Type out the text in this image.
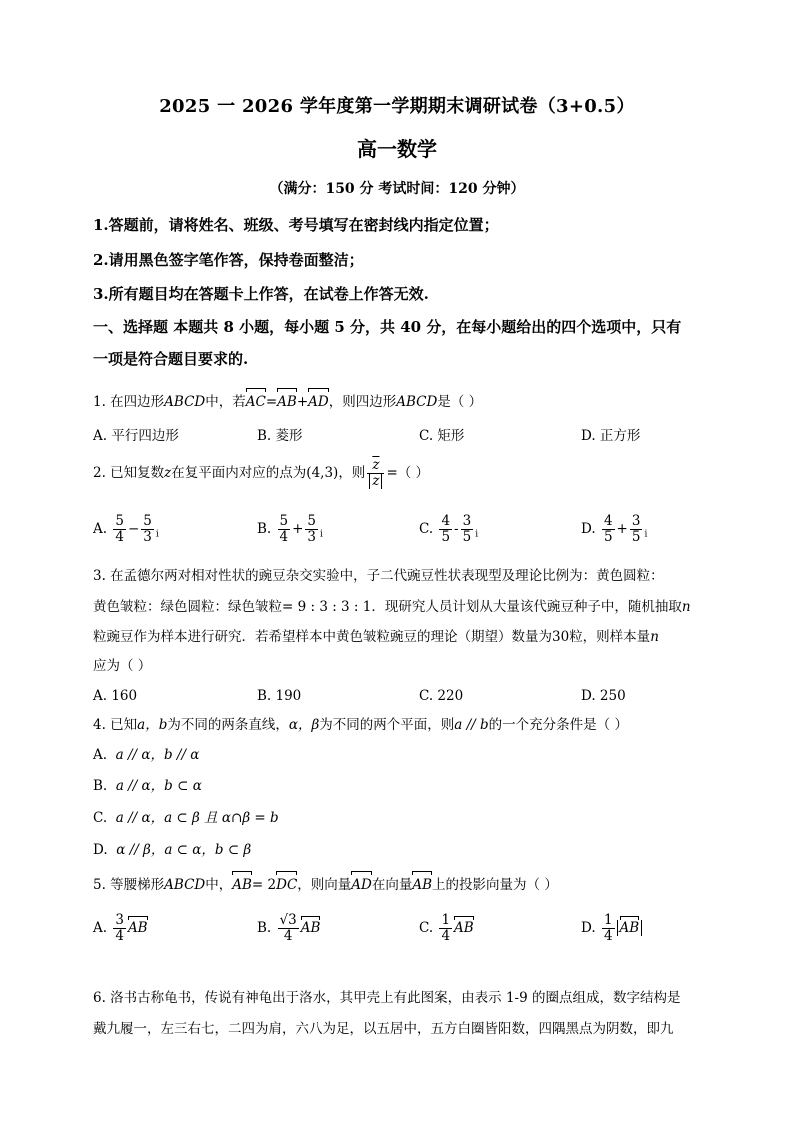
2025 一 2026 学年度第一学期期末调研试卷（3+0.5）
高一数学
（满分：150 分 考试时间：120 分钟）
1.答题前，请将姓名、班级、考号填写在密封线内指定位置；
2.请用黑色签字笔作答，保持卷面整洁；
3.所有题目均在答题卡上作答，在试卷上作答无效.
一、选择题 本题共 8 小题，每小题 5 分，共 40 分，在每小题给出的四个选项中，只有
一项是符合题目要求的.
1. 在四边形ABCD中，若AC=AB+AD，则四边形ABCD是（ ）
A. 平行四边形	B. 菱形	C. 矩形	D. 正方形
2. 已知复数z在复平面内对应的点为(4,3)，则 $\frac{\overline{z}}{z}$ =（ ）
A. $\frac{5}{4} - \frac{5}{3} _i$	B. $\frac{5}{4} + \frac{5}{3} _i$	C. $\frac{4}{5} - \frac{3}{5} _i$	D. $\frac{4}{5} + \frac{3}{5} _i$
3. 在孟德尔两对相对性状的豌豆杂交实验中，子二代豌豆性状表现型及理论比例为：黄色圆粒：
黄色皱粒：绿色圆粒：绿色皱粒= 9 : 3 : 3 : 1．现研究人员计划从大量该代豌豆种子中，随机抽取n
粒豌豆作为样本进行研究．若希望样本中黄色皱粒豌豆的理论（期望）数量为30粒，则样本量n
应为（ ）
A. 160	B. 190	C. 220	D. 250
4. 已知a，b为不同的两条直线，α，β为不同的两个平面，则a // b的一个充分条件是（ ）
A. a // α，b // α
B. a // α，b ⊂ α
C. a // α，a ⊂ β 且 α∩β = b
D. α // β，a ⊂ α，b ⊂ β
5. 等腰梯形ABCD中，AB= 2DC，则向量AD在向量AB上的投影向量为（ ）
A. $\frac{3}{4}$ AB	B. $\frac{√3}{4}$ AB	C. $\frac{1}{4}$ AB	D. $\frac{1}{4}$ AB
6. 洛书古称龟书，传说有神龟出于洛水，其甲壳上有此图案，由表示 1-9 的圈点组成，数字结构是
戴九履一，左三右七，二四为肩，六八为足，以五居中，五方白圈皆阳数，四隅黑点为阴数，即九
